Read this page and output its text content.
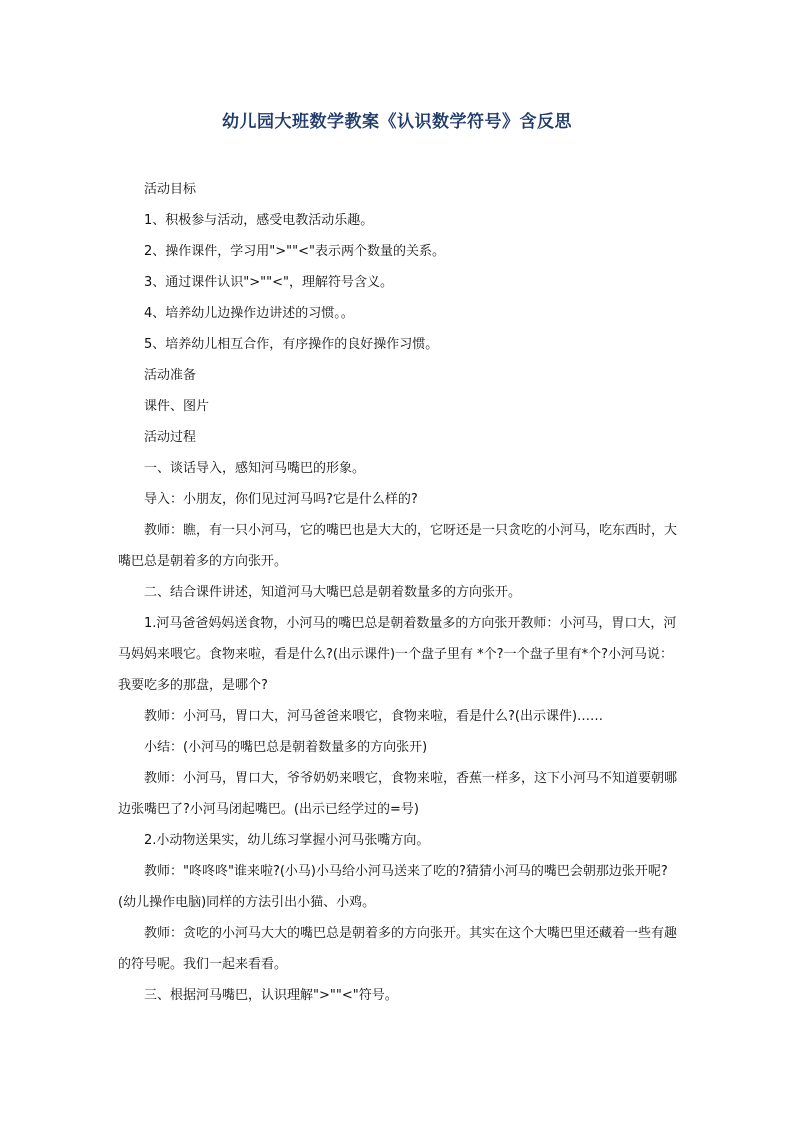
幼儿园大班数学教案《认识数学符号》含反思

活动目标

1、积极参与活动，感受电教活动乐趣。

2、操作课件，学习用">""<"表示两个数量的关系。

3、通过课件认识">""<"，理解符号含义。

4、培养幼儿边操作边讲述的习惯。。

5、培养幼儿相互合作，有序操作的良好操作习惯。

活动准备

课件、图片

活动过程

一、谈话导入，感知河马嘴巴的形象。

导入：小朋友，你们见过河马吗?它是什么样的?

教师：瞧，有一只小河马，它的嘴巴也是大大的，它呀还是一只贪吃的小河马，吃东西时，大嘴巴总是朝着多的方向张开。

二、结合课件讲述，知道河马大嘴巴总是朝着数量多的方向张开。

1.河马爸爸妈妈送食物，小河马的嘴巴总是朝着数量多的方向张开教师：小河马，胃口大，河马妈妈来喂它。食物来啦，看是什么?(出示课件)一个盘子里有 *个?一个盘子里有*个?小河马说：我要吃多的那盘，是哪个?

教师：小河马，胃口大，河马爸爸来喂它，食物来啦，看是什么?(出示课件)……

小结：(小河马的嘴巴总是朝着数量多的方向张开)

教师：小河马，胃口大，爷爷奶奶来喂它，食物来啦，香蕉一样多，这下小河马不知道要朝哪边张嘴巴了?小河马闭起嘴巴。(出示已经学过的=号)

2.小动物送果实，幼儿练习掌握小河马张嘴方向。

教师："咚咚咚"谁来啦?(小马)小马给小河马送来了吃的?猜猜小河马的嘴巴会朝那边张开呢?(幼儿操作电脑)同样的方法引出小猫、小鸡。

教师：贪吃的小河马大大的嘴巴总是朝着多的方向张开。其实在这个大嘴巴里还藏着一些有趣的符号呢。我们一起来看看。

三、根据河马嘴巴，认识理解">""<"符号。
